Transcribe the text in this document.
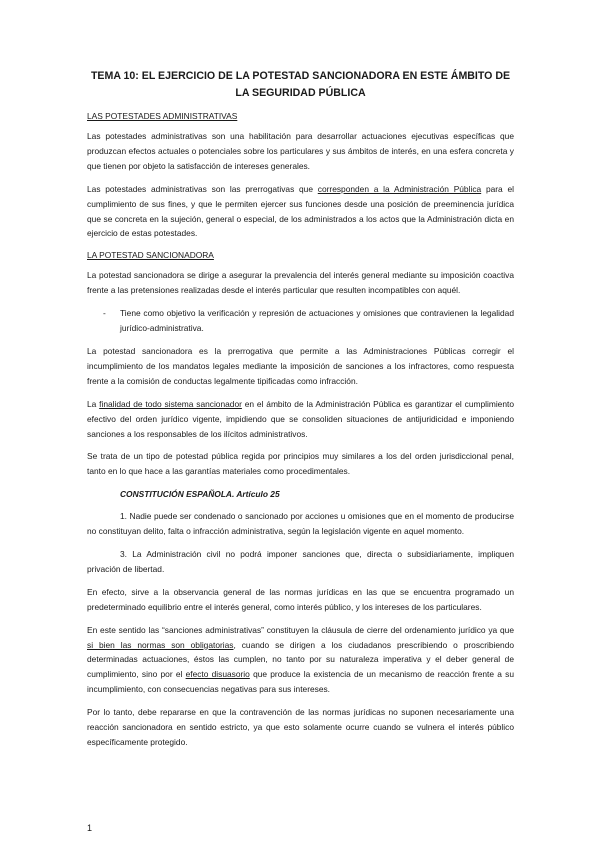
TEMA 10: EL EJERCICIO DE LA POTESTAD SANCIONADORA EN ESTE ÁMBITO DE LA SEGURIDAD PÚBLICA
LAS POTESTADES ADMINISTRATIVAS

Las potestades administrativas son una habilitación para desarrollar actuaciones ejecutivas específicas que produzcan efectos actuales o potenciales sobre los particulares y sus ámbitos de interés, en una esfera concreta y que tienen por objeto la satisfacción de intereses generales.

Las potestades administrativas son las prerrogativas que corresponden a la Administración Pública para el cumplimiento de sus fines, y que le permiten ejercer sus funciones desde una posición de preeminencia jurídica que se concreta en la sujeción, general o especial, de los administrados a los actos que la Administración dicta en ejercicio de estas potestades.

LA POTESTAD SANCIONADORA

La potestad sancionadora se dirige a asegurar la prevalencia del interés general mediante su imposición coactiva frente a las pretensiones realizadas desde el interés particular que resulten incompatibles con aquél.

-	Tiene como objetivo la verificación y represión de actuaciones y omisiones que contravienen la legalidad jurídico-administrativa.

La potestad sancionadora es la prerrogativa que permite a las Administraciones Públicas corregir el incumplimiento de los mandatos legales mediante la imposición de sanciones a los infractores, como respuesta frente a la comisión de conductas legalmente tipificadas como infracción.

La finalidad de todo sistema sancionador en el ámbito de la Administración Pública es garantizar el cumplimiento efectivo del orden jurídico vigente, impidiendo que se consoliden situaciones de antijuridicidad e imponiendo sanciones a los responsables de los ilícitos administrativos.

Se trata de un tipo de potestad pública regida por principios muy similares a los del orden jurisdiccional penal, tanto en lo que hace a las garantías materiales como procedimentales.

CONSTITUCIÓN ESPAÑOLA. Artículo 25

1. Nadie puede ser condenado o sancionado por acciones u omisiones que en el momento de producirse no constituyan delito, falta o infracción administrativa, según la legislación vigente en aquel momento.

3. La Administración civil no podrá imponer sanciones que, directa o subsidiariamente, impliquen privación de libertad.

En efecto, sirve a la observancia general de las normas jurídicas en las que se encuentra programado un predeterminado equilibrio entre el interés general, como interés público, y los intereses de los particulares.

En este sentido las “sanciones administrativas” constituyen la cláusula de cierre del ordenamiento jurídico ya que si bien las normas son obligatorias, cuando se dirigen a los ciudadanos prescribiendo o proscribiendo determinadas actuaciones, éstos las cumplen, no tanto por su naturaleza imperativa y el deber general de cumplimiento, sino por el efecto disuasorio que produce la existencia de un mecanismo de reacción frente a su incumplimiento, con consecuencias negativas para sus intereses.

Por lo tanto, debe repararse en que la contravención de las normas jurídicas no suponen necesariamente una reacción sancionadora en sentido estricto, ya que esto solamente ocurre cuando se vulnera el interés público específicamente protegido.

1
